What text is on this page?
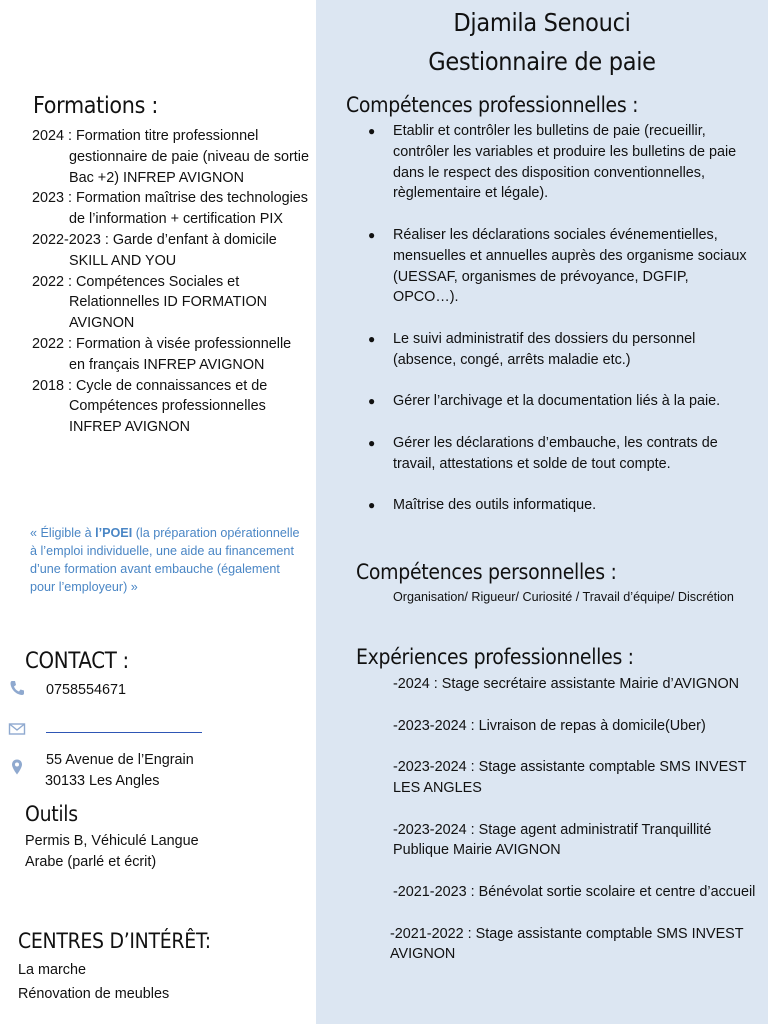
Formations :
2024 : Formation titre professionnel gestionnaire de paie (niveau de sortie Bac +2) INFREP AVIGNON
2023 : Formation maîtrise des technologies de l’information + certification PIX
2022-2023 : Garde d’enfant à domicile SKILL AND YOU
2022 : Compétences Sociales et Relationnelles ID FORMATION AVIGNON
2022 : Formation à visée professionnelle en français INFREP AVIGNON
2018 : Cycle de connaissances et de Compétences professionnelles INFREP AVIGNON
« Éligible à l’POEI (la préparation opérationnelle à l’emploi individuelle, une aide au financement d’une formation avant embauche (également pour l’employeur) »
CONTACT :
0758554671
55 Avenue de l’Engrain
30133 Les Angles
Outils
Permis B, Véhiculé Langue Arabe (parlé et écrit)
CENTRES D’INTÉRÊT:
La marche
Rénovation de meubles
Djamila Senouci
Gestionnaire de paie
Compétences professionnelles :
● Etablir et contrôler les bulletins de paie (recueillir, contrôler les variables et produire les bulletins de paie dans le respect des disposition conventionnelles, règlementaire et légale).
● Réaliser les déclarations sociales événementielles, mensuelles et annuelles auprès des organisme sociaux (UESSAF, organismes de prévoyance, DGFIP, OPCO…).
● Le suivi administratif des dossiers du personnel (absence, congé, arrêts maladie etc.)
● Gérer l’archivage et la documentation liés à la paie.
● Gérer les déclarations d’embauche, les contrats de travail, attestations et solde de tout compte.
● Maîtrise des outils informatique.
Compétences personnelles :
Organisation/ Rigueur/ Curiosité / Travail d’équipe/ Discrétion
Expériences professionnelles :
-2024 : Stage secrétaire assistante Mairie d’AVIGNON
-2023-2024 : Livraison de repas à domicile(Uber)
-2023-2024 : Stage assistante comptable SMS INVEST LES ANGLES
-2023-2024 : Stage agent administratif Tranquillité Publique Mairie AVIGNON
-2021-2023 : Bénévolat sortie scolaire et centre d’accueil
-2021-2022 : Stage assistante comptable SMS INVEST AVIGNON
